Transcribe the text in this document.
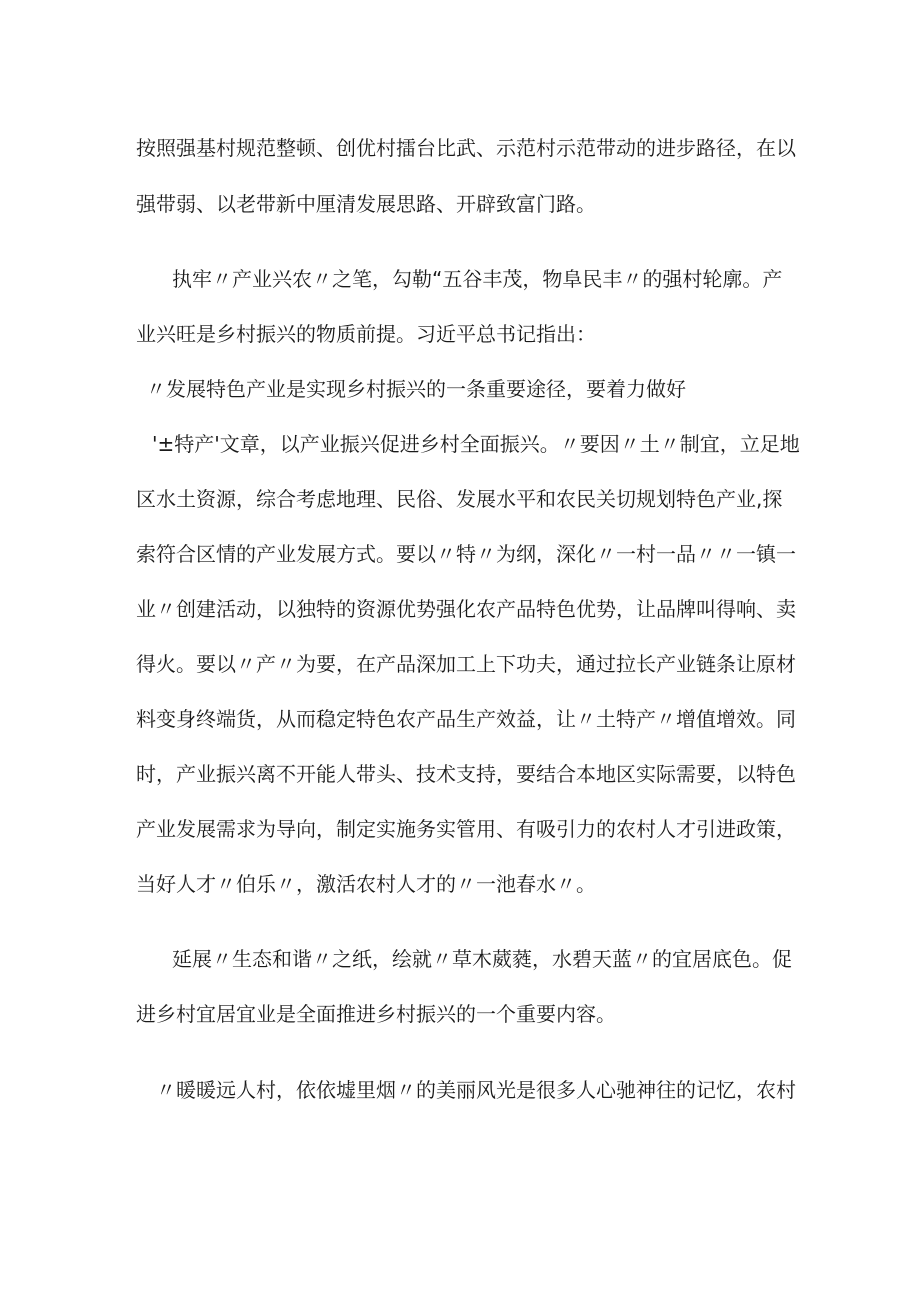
按照强基村规范整顿、创优村擂台比武、示范村示范带动的进步路径，在以
强带弱、以老带新中厘清发展思路、开辟致富门路。
执牢〃产业兴农〃之笔，勾勒“五谷丰茂，物阜民丰〃的强村轮廓。产
业兴旺是乡村振兴的物质前提。习近平总书记指出：
〃发展特色产业是实现乡村振兴的一条重要途径，要着力做好
'±特产'文章，以产业振兴促进乡村全面振兴。〃要因〃土〃制宜，立足地
区水土资源，综合考虑地理、民俗、发展水平和农民关切规划特色产业,探
索符合区情的产业发展方式。要以〃特〃为纲，深化〃一村一品〃〃一镇一
业〃创建活动，以独特的资源优势强化农产品特色优势，让品牌叫得响、卖
得火。要以〃产〃为要，在产品深加工上下功夫，通过拉长产业链条让原材
料变身终端货，从而稳定特色农产品生产效益，让〃土特产〃增值增效。同
时，产业振兴离不开能人带头、技术支持，要结合本地区实际需要，以特色
产业发展需求为导向，制定实施务实管用、有吸引力的农村人才引进政策，
当好人才〃伯乐〃，激活农村人才的〃一池春水〃。
延展〃生态和谐〃之纸，绘就〃草木葳蕤，水碧天蓝〃的宜居底色。促
进乡村宜居宜业是全面推进乡村振兴的一个重要内容。
〃暖暖远人村，依依墟里烟〃的美丽风光是很多人心驰神往的记忆，农村
